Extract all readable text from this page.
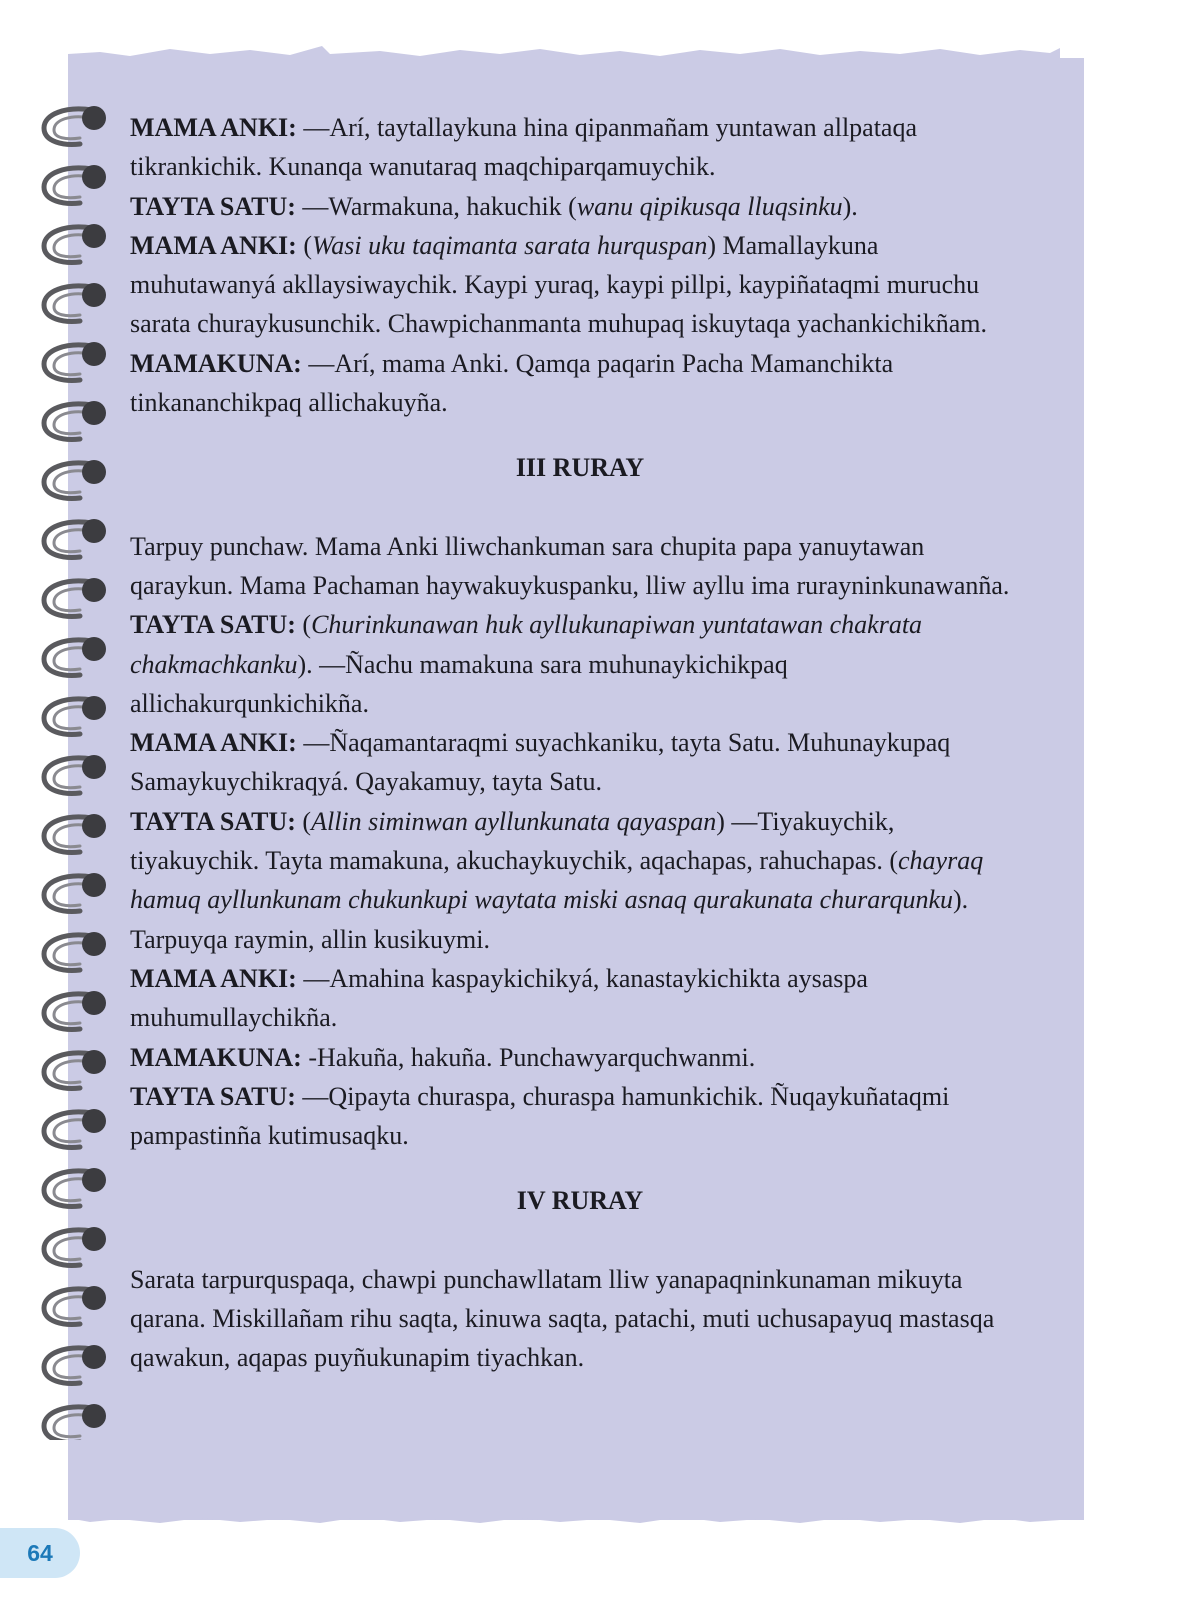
MAMA ANKI: —Arí, taytallaykuna hina qipanmañam yuntawan allpataqa tikrankichik. Kunanqa wanutaraq maqchiparqamuychik.

TAYTA SATU: —Warmakuna, hakuchik (wanu qipikusqa lluqsinku).

MAMA ANKI: (Wasi uku taqimanta sarata hurquspan) Mamallaykuna muhutawanyá akllaysiwaychik. Kaypi yuraq, kaypi pillpi, kaypiñataqmi muruchu sarata churaykusunchik. Chawpichanmanta muhupaq iskuytaqa yachankichikñam.

MAMAKUNA: —Arí, mama Anki. Qamqa paqarin Pacha Mamanchikta tinkananchikpaq allichakuyña.

III RURAY

Tarpuy punchaw. Mama Anki lliwchankuman sara chupita papa yanuytawan qaraykun. Mama Pachaman haywakuykuspanku, lliw ayllu ima rurayninkunawanña.

TAYTA SATU: (Churinkunawan huk ayllukunapiwan yuntatawan chakrata chakmachkanku). —Ñachu mamakuna sara muhunaykichikpaq allichakurqunkichikña.

MAMA ANKI: —Ñaqamantaraqmi suyachkaniku, tayta Satu. Muhunaykupaq Samaykuychikraqyá. Qayakamuy, tayta Satu.

TAYTA SATU: (Allin siminwan ayllunkunata qayaspan) —Tiyakuychik, tiyakuychik. Tayta mamakuna, akuchaykuychik, aqachapas, rahuchapas. (chayraq hamuq ayllunkunam chukunkupi waytata miski asnaq qurakunata churarqunku). Tarpuyqa raymin, allin kusikuymi.

MAMA ANKI: —Amahina kaspaykichikyá, kanastaykichikta aysaspa muhumullaychikña.

MAMAKUNA: -Hakuña, hakuña. Punchawyarquchwanmi.

TAYTA SATU: —Qipayta churaspa, churaspa hamunkichik. Ñuqaykuñataqmi pampastinña kutimusaqku.

IV RURAY

Sarata tarpurquspaqa, chawpi punchawllatam lliw yanapaqninkunaman mikuyta qarana. Miskillañam rihu saqta, kinuwa saqta, patachi, muti uchusapayuq mastasqa qawakun, aqapas puyñukunapim tiyachkan.

64
